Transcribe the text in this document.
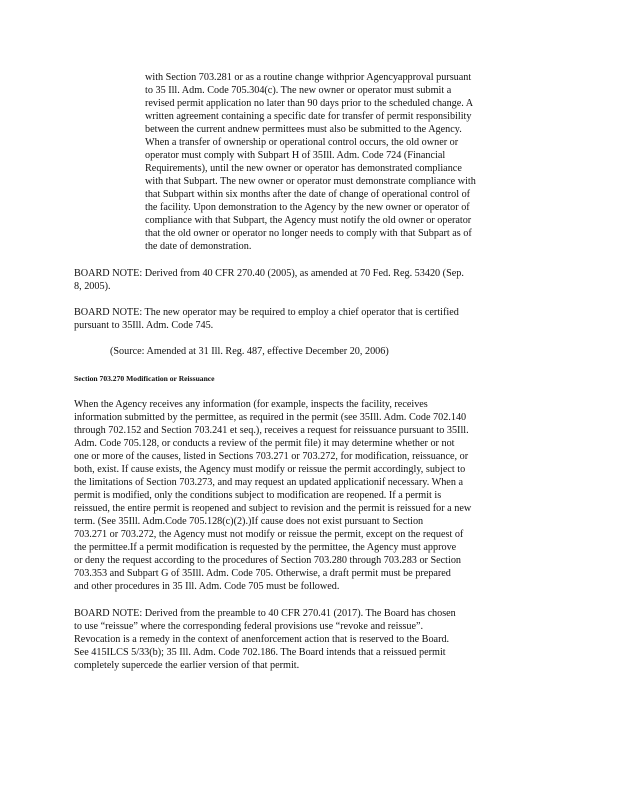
with Section 703.281 or as a routine change withprior Agencyapproval pursuant
to 35 Ill. Adm. Code 705.304(c). The new owner or operator must submit a
revised permit application no later than 90 days prior to the scheduled change. A
written agreement containing a specific date for transfer of permit responsibility
between the current andnew permittees must also be submitted to the Agency.
When a transfer of ownership or operational control occurs, the old owner or
operator must comply with Subpart H of 35Ill. Adm. Code 724 (Financial
Requirements), until the new owner or operator has demonstrated compliance
with that Subpart. The new owner or operator must demonstrate compliance with
that Subpart within six months after the date of change of operational control of
the facility. Upon demonstration to the Agency by the new owner or operator of
compliance with that Subpart, the Agency must notify the old owner or operator
that the old owner or operator no longer needs to comply with that Subpart as of
the date of demonstration.
BOARD NOTE: Derived from 40 CFR 270.40 (2005), as amended at 70 Fed. Reg. 53420 (Sep.
8, 2005).
BOARD NOTE: The new operator may be required to employ a chief operator that is certified
pursuant to 35Ill. Adm. Code 745.
(Source: Amended at 31 Ill. Reg. 487, effective December 20, 2006)
Section 703.270 Modification or Reissuance
When the Agency receives any information (for example, inspects the facility, receives
information submitted by the permittee, as required in the permit (see 35Ill. Adm. Code 702.140
through 702.152 and Section 703.241 et seq.), receives a request for reissuance pursuant to 35Ill.
Adm. Code 705.128, or conducts a review of the permit file) it may determine whether or not
one or more of the causes, listed in Sections 703.271 or 703.272, for modification, reissuance, or
both, exist. If cause exists, the Agency must modify or reissue the permit accordingly, subject to
the limitations of Section 703.273, and may request an updated applicationif necessary. When a
permit is modified, only the conditions subject to modification are reopened. If a permit is
reissued, the entire permit is reopened and subject to revision and the permit is reissued for a new
term. (See 35Ill. Adm.Code 705.128(c)(2).)If cause does not exist pursuant to Section
703.271 or 703.272, the Agency must not modify or reissue the permit, except on the request of
the permittee.If a permit modification is requested by the permittee, the Agency must approve
or deny the request according to the procedures of Section 703.280 through 703.283 or Section
703.353 and Subpart G of 35Ill. Adm. Code 705. Otherwise, a draft permit must be prepared
and other procedures in 35 Ill. Adm. Code 705 must be followed.
BOARD NOTE: Derived from the preamble to 40 CFR 270.41 (2017). The Board has chosen
to use “reissue” where the corresponding federal provisions use “revoke and reissue”.
Revocation is a remedy in the context of anenforcement action that is reserved to the Board.
See 415ILCS 5/33(b); 35 Ill. Adm. Code 702.186. The Board intends that a reissued permit
completely supercede the earlier version of that permit.
